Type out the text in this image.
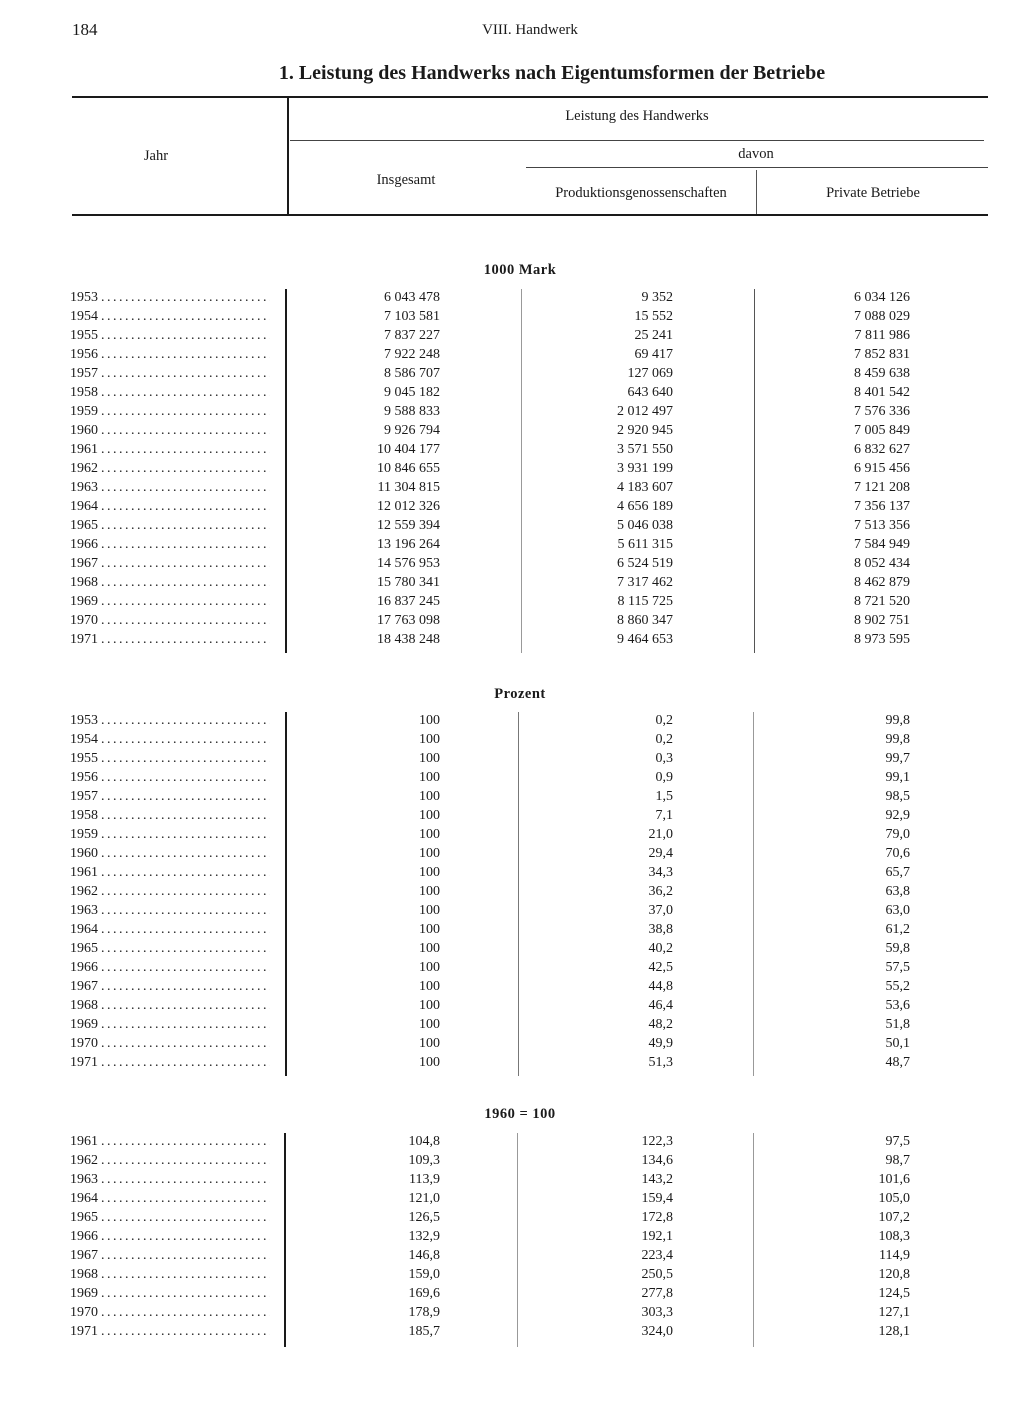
184	VIII. Handwerk
1. Leistung des Handwerks nach Eigentumsformen der Betriebe
Leistung des Handwerks
Jahr
Insgesamt
davon
Produktionsgenossenschaften	Private Betriebe
1000 Mark
1953 . . .	6 043 478	9 352	6 034 126
1954 . . .	7 103 581	15 552	7 088 029
1955 . . .	7 837 227	25 241	7 811 986
1956 . . .	7 922 248	69 417	7 852 831
1957 . . .	8 586 707	127 069	8 459 638
1958 . . .	9 045 182	643 640	8 401 542
1959 . . .	9 588 833	2 012 497	7 576 336
1960 . . .	9 926 794	2 920 945	7 005 849
1961 . . .	10 404 177	3 571 550	6 832 627
1962 . . .	10 846 655	3 931 199	6 915 456
1963 . . .	11 304 815	4 183 607	7 121 208
1964 . . .	12 012 326	4 656 189	7 356 137
1965 . . .	12 559 394	5 046 038	7 513 356
1966 . . .	13 196 264	5 611 315	7 584 949
1967 . . .	14 576 953	6 524 519	8 052 434
1968 . . .	15 780 341	7 317 462	8 462 879
1969 . . .	16 837 245	8 115 725	8 721 520
1970 . . .	17 763 098	8 860 347	8 902 751
1971 . . .	18 438 248	9 464 653	8 973 595
Prozent
1953 . . .	100	0,2	99,8
1954 . . .	100	0,2	99,8
1955 . . .	100	0,3	99,7
1956 . . .	100	0,9	99,1
1957 . . .	100	1,5	98,5
1958 . . .	100	7,1	92,9
1959 . . .	100	21,0	79,0
1960 . . .	100	29,4	70,6
1961 . . .	100	34,3	65,7
1962 . . .	100	36,2	63,8
1963 . . .	100	37,0	63,0
1964 . . .	100	38,8	61,2
1965 . . .	100	40,2	59,8
1966 . . .	100	42,5	57,5
1967 . . .	100	44,8	55,2
1968 . . .	100	46,4	53,6
1969 . . .	100	48,2	51,8
1970 . . .	100	49,9	50,1
1971 . . .	100	51,3	48,7
1960 = 100
1961 . . .	104,8	122,3	97,5
1962 . . .	109,3	134,6	98,7
1963 . . .	113,9	143,2	101,6
1964 . . .	121,0	159,4	105,0
1965 . . .	126,5	172,8	107,2
1966 . . .	132,9	192,1	108,3
1967 . . .	146,8	223,4	114,9
1968 . . .	159,0	250,5	120,8
1969 . . .	169,6	277,8	124,5
1970 . . .	178,9	303,3	127,1
1971 . . .	185,7	324,0	128,1
